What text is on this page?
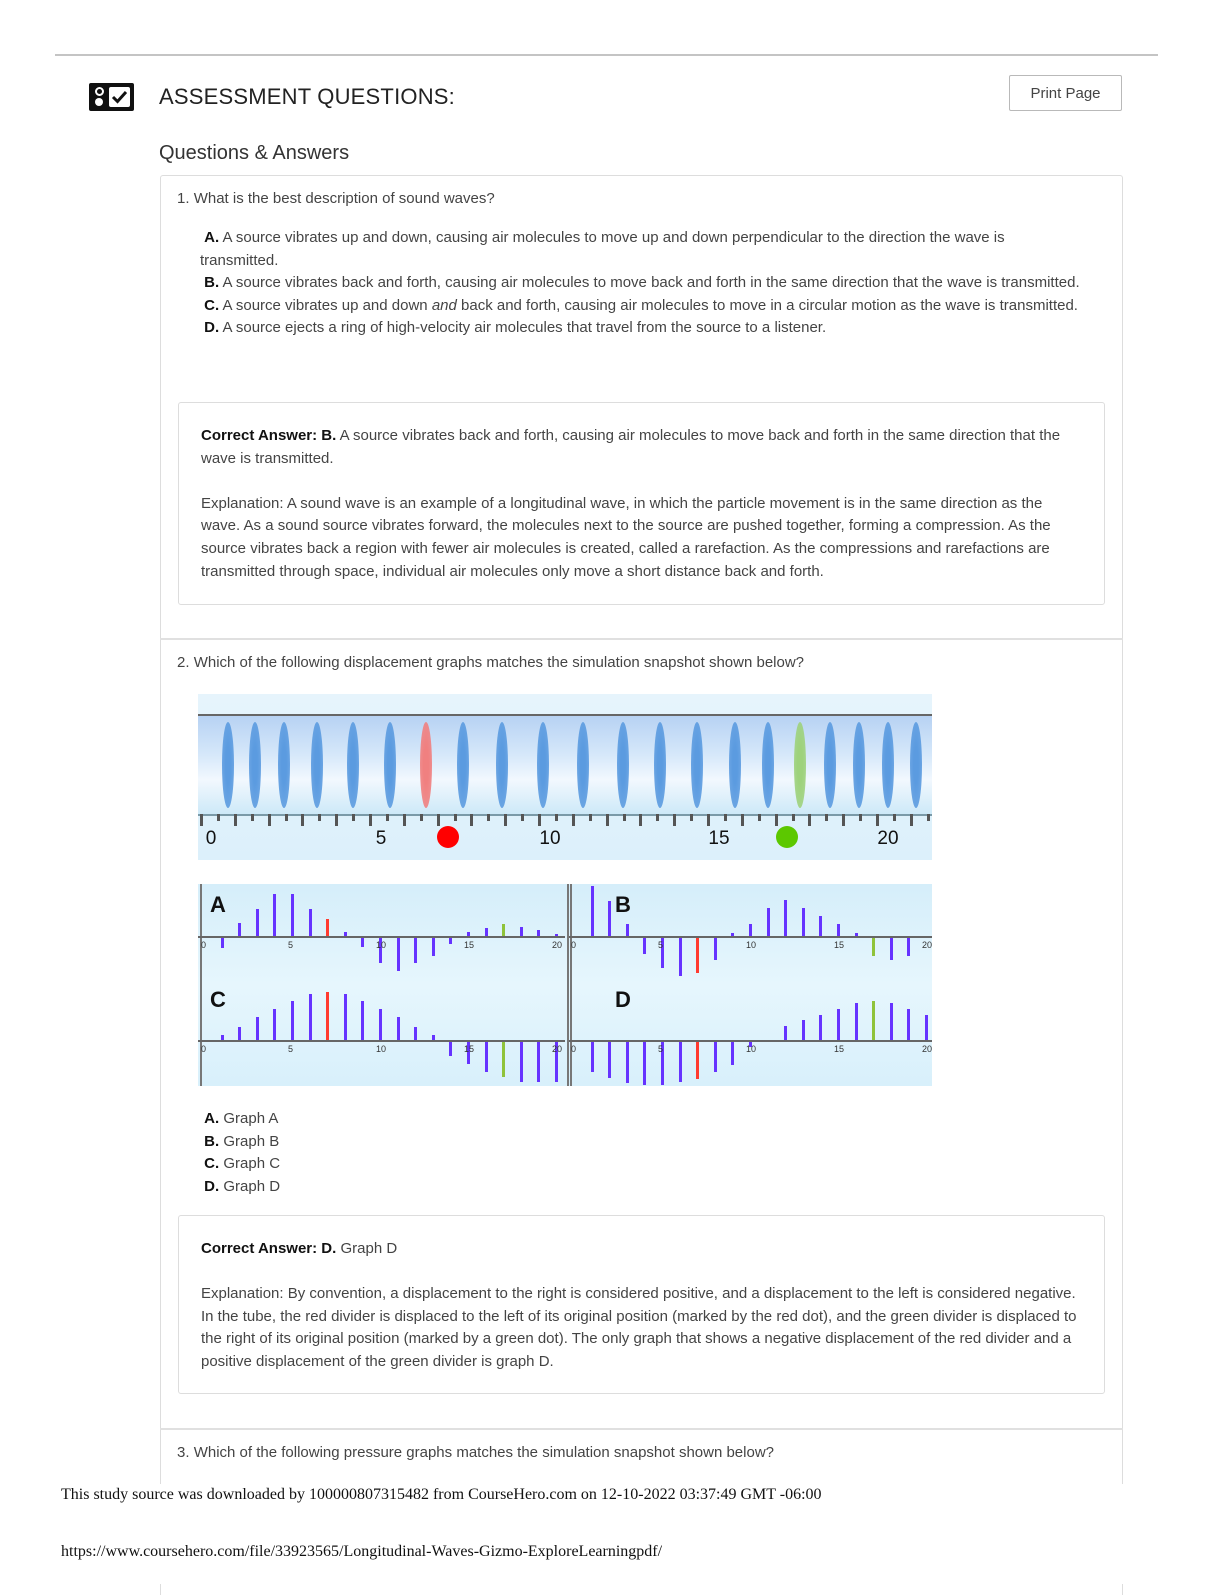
ASSESSMENT QUESTIONS:	Print Page
Questions & Answers
1. What is the best description of sound waves?
A. A source vibrates up and down, causing air molecules to move up and down perpendicular to the direction the wave is transmitted.
B. A source vibrates back and forth, causing air molecules to move back and forth in the same direction that the wave is transmitted.
C. A source vibrates up and down and back and forth, causing air molecules to move in a circular motion as the wave is transmitted.
D. A source ejects a ring of high-velocity air molecules that travel from the source to a listener.

Correct Answer: B. A source vibrates back and forth, causing air molecules to move back and forth in the same direction that the wave is transmitted.

Explanation: A sound wave is an example of a longitudinal wave, in which the particle movement is in the same direction as the wave. As a sound source vibrates forward, the molecules next to the source are pushed together, forming a compression. As the source vibrates back a region with fewer air molecules is created, called a rarefaction. As the compressions and rarefactions are transmitted through space, individual air molecules only move a short distance back and forth.

2. Which of the following displacement graphs matches the simulation snapshot shown below?
0	5	10	15	20
A
0	5	10	15	20
B
0	5	10	15	20
C
0	5	10	15	20
D
0	5	10	15	20
A. Graph A
B. Graph B
C. Graph C
D. Graph D

Correct Answer: D. Graph D

Explanation: By convention, a displacement to the right is considered positive, and a displacement to the left is considered negative. In the tube, the red divider is displaced to the left of its original position (marked by the red dot), and the green divider is displaced to the right of its original position (marked by a green dot). The only graph that shows a negative displacement of the red divider and a positive displacement of the green divider is graph D.

3. Which of the following pressure graphs matches the simulation snapshot shown below?
This study source was downloaded by 100000807315482 from CourseHero.com on 12-10-2022 03:37:49 GMT -06:00
https://www.coursehero.com/file/33923565/Longitudinal-Waves-Gizmo-ExploreLearningpdf/
